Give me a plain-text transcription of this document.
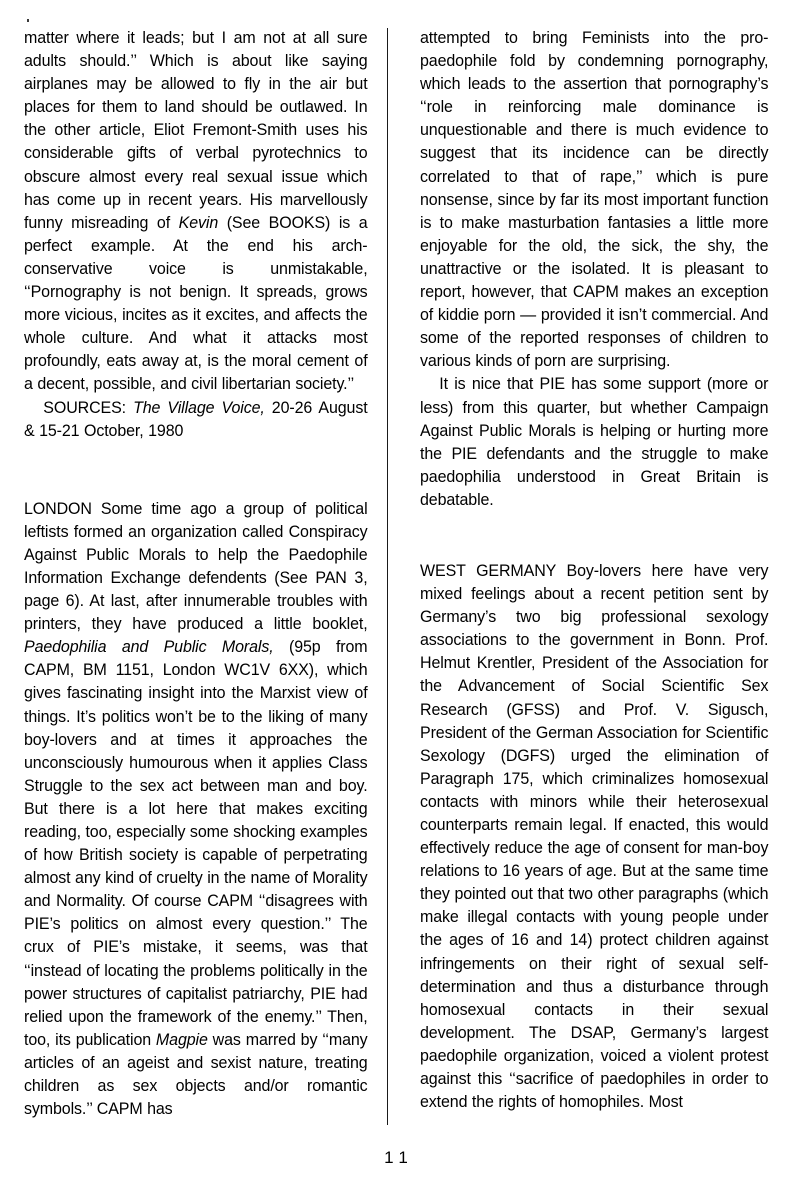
matter where it leads; but I am not at all sure adults should.’’ Which is about like saying airplanes may be allowed to fly in the air but places for them to land should be outlawed. In the other article, Eliot Fremont-Smith uses his considerable gifts of verbal pyrotechnics to obscure almost every real sexual issue which has come up in recent years. His marvellously funny misreading of Kevin (See BOOKS) is a perfect example. At the end his arch-conservative voice is unmistakable, ‘‘Pornography is not benign. It spreads, grows more vicious, incites as it excites, and affects the whole culture. And what it attacks most profoundly, eats away at, is the moral cement of a decent, possible, and civil libertarian society.’’

SOURCES: The Village Voice, 20-26 August & 15-21 October, 1980

LONDON Some time ago a group of political leftists formed an organization called Conspiracy Against Public Morals to help the Paedophile Information Exchange defendents (See PAN 3, page 6). At last, after innumerable troubles with printers, they have produced a little booklet, Paedophilia and Public Morals, (95p from CAPM, BM 1151, London WC1V 6XX), which gives fascinating insight into the Marxist view of things. It’s politics won’t be to the liking of many boy-lovers and at times it approaches the unconsciously humourous when it applies Class Struggle to the sex act between man and boy. But there is a lot here that makes exciting reading, too, especially some shocking examples of how British society is capable of perpetrating almost any kind of cruelty in the name of Morality and Normality. Of course CAPM ‘‘disagrees with PIE’s politics on almost every question.’’ The crux of PIE’s mistake, it seems, was that ‘‘instead of locating the problems politically in the power structures of capitalist patriarchy, PIE had relied upon the framework of the enemy.’’ Then, too, its publication Magpie was marred by ‘‘many articles of an ageist and sexist nature, treating children as sex objects and/or romantic symbols.’’ CAPM has

attempted to bring Feminists into the pro-paedophile fold by condemning pornography, which leads to the assertion that pornography’s ‘‘role in reinforcing male dominance is unquestionable and there is much evidence to suggest that its incidence can be directly correlated to that of rape,’’ which is pure nonsense, since by far its most important function is to make masturbation fantasies a little more enjoyable for the old, the sick, the shy, the unattractive or the isolated. It is pleasant to report, however, that CAPM makes an exception of kiddie porn — provided it isn’t commercial. And some of the reported responses of children to various kinds of porn are surprising.

It is nice that PIE has some support (more or less) from this quarter, but whether Campaign Against Public Morals is helping or hurting more the PIE defendants and the struggle to make paedophilia understood in Great Britain is debatable.

WEST GERMANY Boy-lovers here have very mixed feelings about a recent petition sent by Germany’s two big professional sexology associations to the government in Bonn. Prof. Helmut Krentler, President of the Association for the Advancement of Social Scientific Sex Research (GFSS) and Prof. V. Sigusch, President of the German Association for Scientific Sexology (DGFS) urged the elimination of Paragraph 175, which criminalizes homosexual contacts with minors while their heterosexual counterparts remain legal. If enacted, this would effectively reduce the age of consent for man-boy relations to 16 years of age. But at the same time they pointed out that two other paragraphs (which make illegal contacts with young people under the ages of 16 and 14) protect children against infringements on their right of sexual self-determination and thus a disturbance through homosexual contacts in their sexual development. The DSAP, Germany’s largest paedophile organization, voiced a violent protest against this ‘‘sacrifice of paedophiles in order to extend the rights of homophiles. Most

11
